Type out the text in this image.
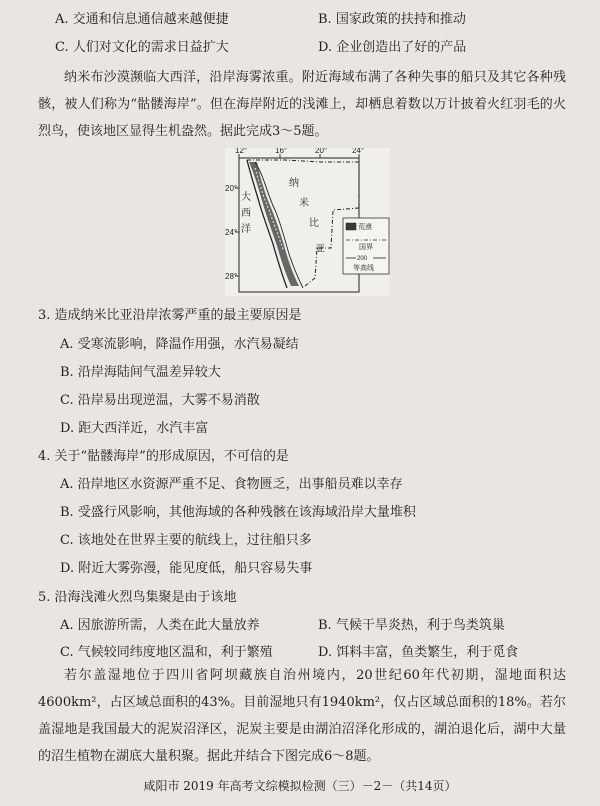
A. 交通和信息通信越来越便捷	B. 国家政策的扶持和推动
C. 人们对文化的需求日益扩大	D. 企业创造出了好的产品
纳米布沙漠濒临大西洋，沿岸海雾浓重。附近海域布满了各种失事的船只及其它各种残骸，被人们称为“骷髅海岸”。但在海岸附近的浅滩上，却栖息着数以万计披着火红羽毛的火烈鸟，使该地区显得生机盎然。据此完成3～5题。
12°	16°	20°	24°
20°
24°
28°
大
西
洋
纳
米
比
亚
荒漠
国界
200
等高线
3. 造成纳米比亚沿岸浓雾严重的最主要原因是
A. 受寒流影响，降温作用强，水汽易凝结
B. 沿岸海陆间气温差异较大
C. 沿岸易出现逆温，大雾不易消散
D. 距大西洋近，水汽丰富
4. 关于“骷髅海岸”的形成原因，不可信的是
A. 沿岸地区水资源严重不足、食物匮乏，出事船员难以幸存
B. 受盛行风影响，其他海域的各种残骸在该海域沿岸大量堆积
C. 该地处在世界主要的航线上，过往船只多
D. 附近大雾弥漫，能见度低，船只容易失事
5. 沿海浅滩火烈鸟集聚是由于该地
A. 因旅游所需，人类在此大量放养	B. 气候干旱炎热，利于鸟类筑巢
C. 气候较同纬度地区温和，利于繁殖	D. 饵料丰富，鱼类繁生，利于觅食
若尔盖湿地位于四川省阿坝藏族自治州境内，20世纪60年代初期，湿地面积达4600km²，占区域总面积的43%。目前湿地只有1940km²，仅占区域总面积的18%。若尔盖湿地是我国最大的泥炭沼泽区，泥炭主要是由湖泊沼泽化形成的，湖泊退化后，湖中大量的沼生植物在湖底大量积聚。据此并结合下图完成6～8题。
咸阳市 2019 年高考文综模拟检测（三）－2－（共14页）
